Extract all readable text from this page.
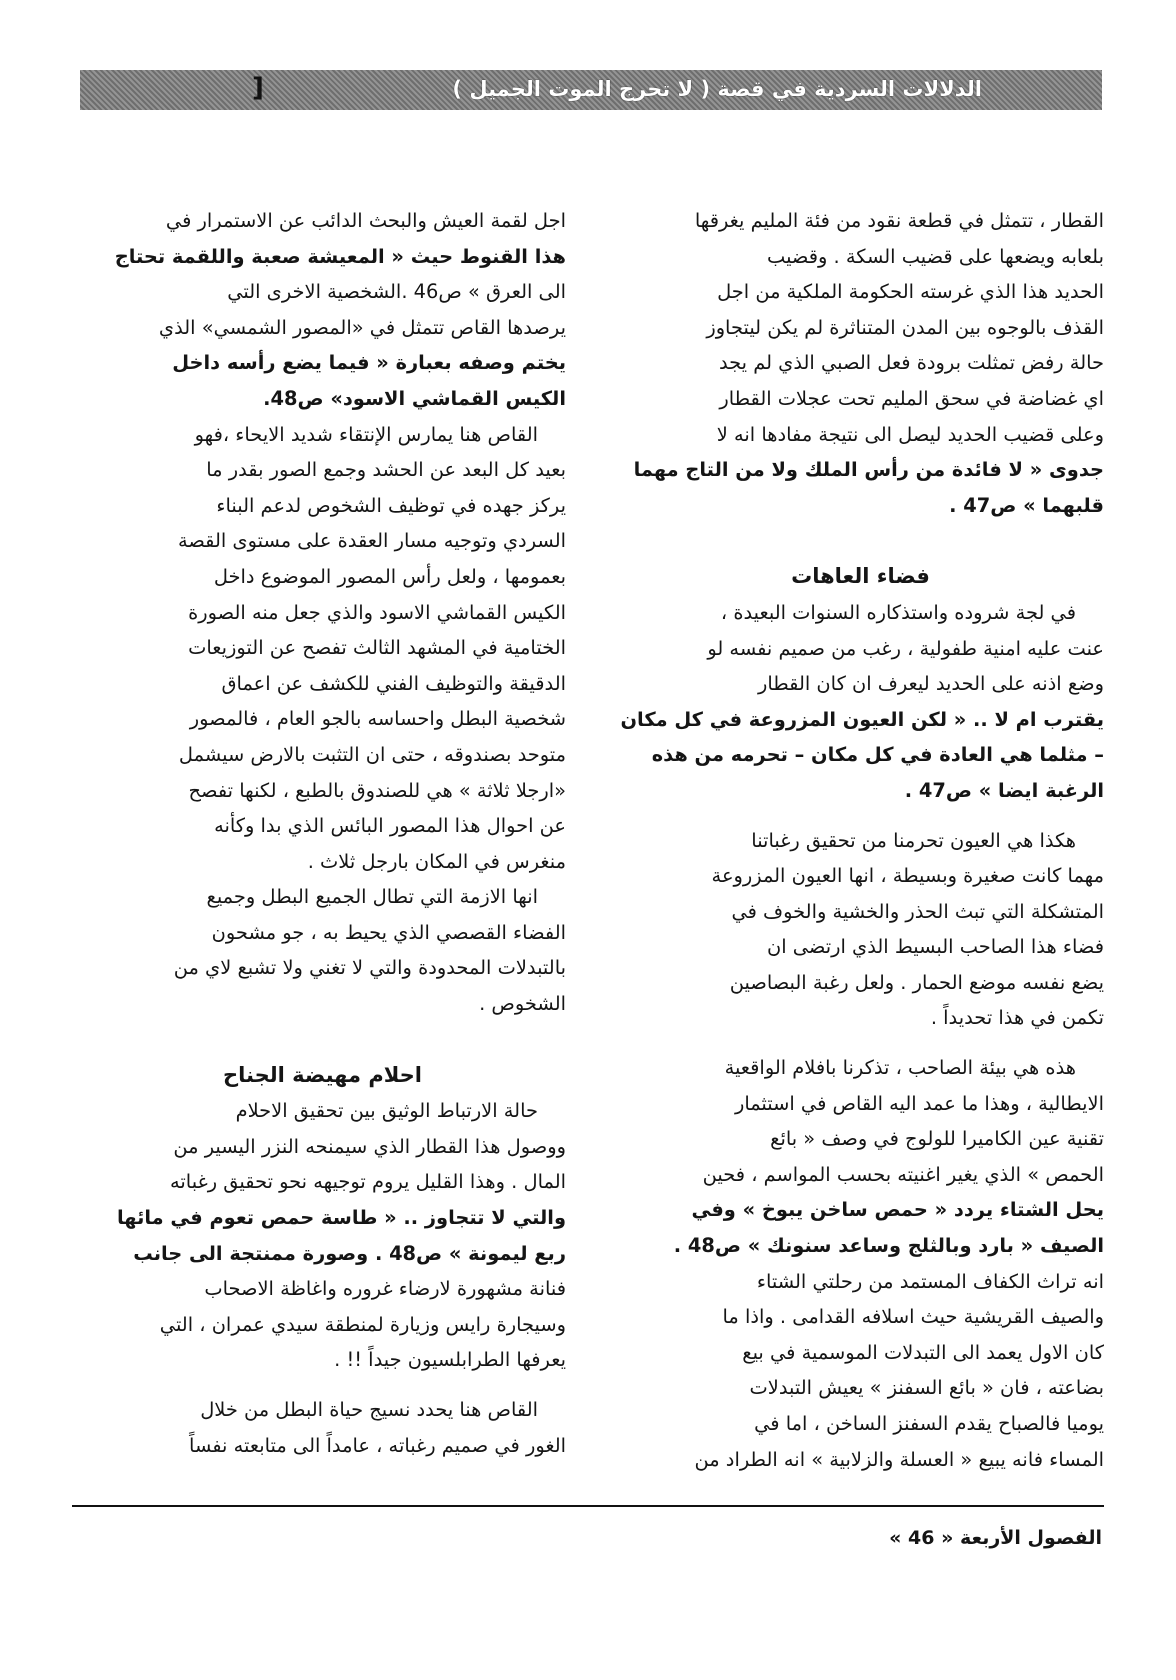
]	الدلالات السردية في قصة ( لا تحرج الموت الجميل )
القطار ، تتمثل في قطعة نقود من فئة المليم يغرقها
بلعابه ويضعها على قضيب السكة . وقضيب
الحديد هذا الذي غرسته الحكومة الملكية من اجل
القذف بالوجوه بين المدن المتناثرة لم يكن ليتجاوز
حالة رفض تمثلت برودة فعل الصبي الذي لم يجد
اي غضاضة في سحق المليم تحت عجلات القطار
وعلى قضيب الحديد ليصل الى نتيجة مفادها انه لا
جدوى « لا فائدة من رأس الملك ولا من التاج مهما
قلبهما » ص47 .
فضاء العاهات
في لجة شروده واستذكاره السنوات البعيدة ،
عنت عليه امنية طفولية ، رغب من صميم نفسه لو
وضع اذنه على الحديد ليعرف ان كان القطار
يقترب ام لا .. « لكن العيون المزروعة في كل مكان
– مثلما هي العادة في كل مكان – تحرمه من هذه
الرغبة ايضا » ص47 .
هكذا هي العيون تحرمنا من تحقيق رغباتنا
مهما كانت صغيرة وبسيطة ، انها العيون المزروعة
المتشكلة التي تبث الحذر والخشية والخوف في
فضاء هذا الصاحب البسيط الذي ارتضى ان
يضع نفسه موضع الحمار . ولعل رغبة البصاصين
تكمن في هذا تحديداً .
هذه هي بيئة الصاحب ، تذكرنا بافلام الواقعية
الايطالية ، وهذا ما عمد اليه القاص في استثمار
تقنية عين الكاميرا للولوج في وصف « بائع
الحمص » الذي يغير اغنيته بحسب المواسم ، فحين
يحل الشتاء يردد « حمص ساخن يبوخ » وفي
الصيف « بارد وبالثلج وساعد سنونك » ص48 .
انه تراث الكفاف المستمد من رحلتي الشتاء
والصيف القريشية حيث اسلافه القدامى . واذا ما
كان الاول يعمد الى التبدلات الموسمية في بيع
بضاعته ، فان « بائع السفنز » يعيش التبدلات
يوميا فالصباح يقدم السفنز الساخن ، اما في
المساء فانه يبيع « العسلة والزلابية » انه الطراد من
اجل لقمة العيش والبحث الدائب عن الاستمرار في
هذا القنوط حيث « المعيشة صعبة واللقمة تحتاج
الى العرق » ص46 .الشخصية الاخرى التي
يرصدها القاص تتمثل في «المصور الشمسي» الذي
يختم وصفه بعبارة « فيما يضع رأسه داخل
الكيس القماشي الاسود» ص48.
القاص هنا يمارس الإنتقاء شديد الايحاء ،فهو
بعيد كل البعد عن الحشد وجمع الصور بقدر ما
يركز جهده في توظيف الشخوص لدعم البناء
السردي وتوجيه مسار العقدة على مستوى القصة
بعمومها ، ولعل رأس المصور الموضوع داخل
الكيس القماشي الاسود والذي جعل منه الصورة
الختامية في المشهد الثالث تفصح عن التوزيعات
الدقيقة والتوظيف الفني للكشف عن اعماق
شخصية البطل واحساسه بالجو العام ، فالمصور
متوحد بصندوقه ، حتى ان التثبت بالارض سيشمل
«ارجلا ثلاثة » هي للصندوق بالطبع ، لكنها تفصح
عن احوال هذا المصور البائس الذي بدا وكأنه
منغرس في المكان بارجل ثلاث .
انها الازمة التي تطال الجميع البطل وجميع
الفضاء القصصي الذي يحيط به ، جو مشحون
بالتبدلات المحدودة والتي لا تغني ولا تشبع لاي من
الشخوص .
احلام مهيضة الجناح
حالة الارتباط الوثيق بين تحقيق الاحلام
ووصول هذا القطار الذي سيمنحه النزر اليسير من
المال . وهذا القليل يروم توجيهه نحو تحقيق رغباته
والتي لا تتجاوز .. « طاسة حمص تعوم في مائها
ربع ليمونة » ص48 . وصورة ممنتجة الى جانب
فنانة مشهورة لارضاء غروره واغاظة الاصحاب
وسيجارة رايس وزيارة لمنطقة سيدي عمران ، التي
يعرفها الطرابلسيون جيداً !! .
القاص هنا يحدد نسيج حياة البطل من خلال
الغور في صميم رغباته ، عامداً الى متابعته نفساً
الفصول الأربعة « 46 »
